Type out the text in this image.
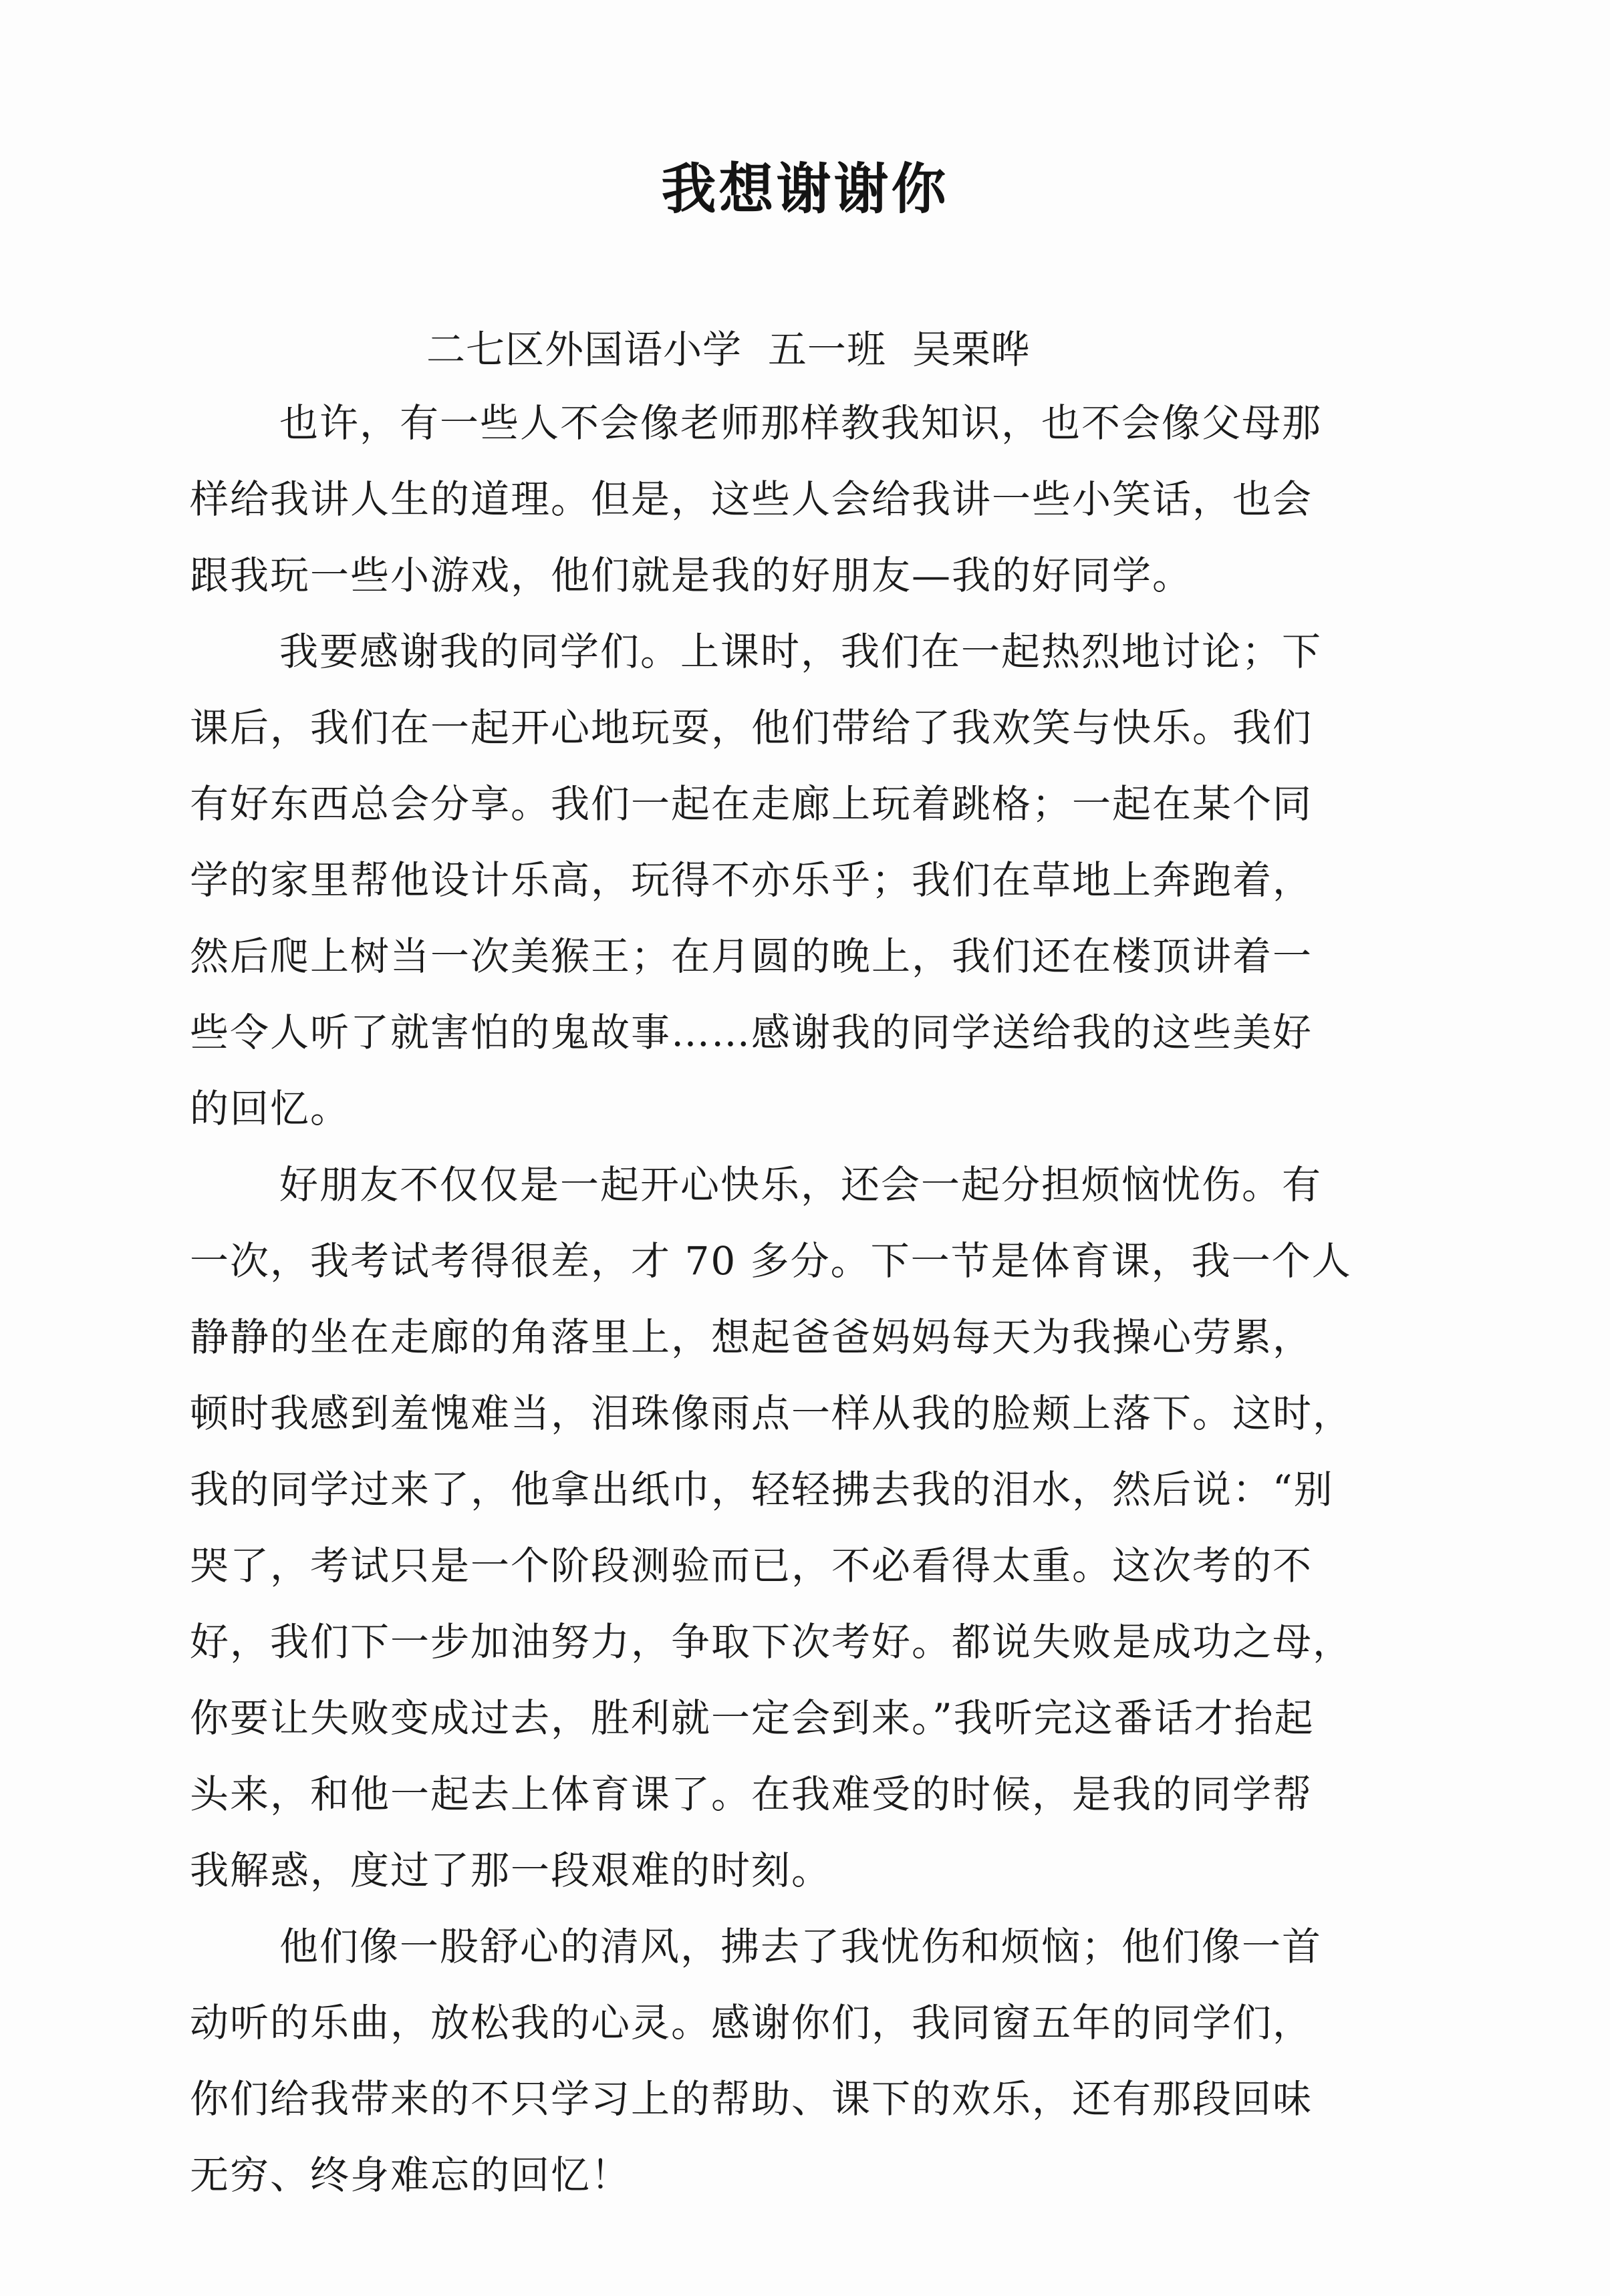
我想谢谢你
二七区外国语小学  五一班  吴栗晔
也许，有一些人不会像老师那样教我知识，也不会像父母那
样给我讲人生的道理。但是，这些人会给我讲一些小笑话，也会
跟我玩一些小游戏，他们就是我的好朋友—我的好同学。
我要感谢我的同学们。上课时，我们在一起热烈地讨论；下
课后，我们在一起开心地玩耍，他们带给了我欢笑与快乐。我们
有好东西总会分享。我们一起在走廊上玩着跳格；一起在某个同
学的家里帮他设计乐高，玩得不亦乐乎；我们在草地上奔跑着，
然后爬上树当一次美猴王；在月圆的晚上，我们还在楼顶讲着一
些令人听了就害怕的鬼故事……感谢我的同学送给我的这些美好
的回忆。
好朋友不仅仅是一起开心快乐，还会一起分担烦恼忧伤。有
一次，我考试考得很差，才 70 多分。下一节是体育课，我一个人
静静的坐在走廊的角落里上，想起爸爸妈妈每天为我操心劳累，
顿时我感到羞愧难当，泪珠像雨点一样从我的脸颊上落下。这时，
我的同学过来了，他拿出纸巾，轻轻拂去我的泪水，然后说：“别
哭了，考试只是一个阶段测验而已，不必看得太重。这次考的不
好，我们下一步加油努力，争取下次考好。都说失败是成功之母，
你要让失败变成过去，胜利就一定会到来。”我听完这番话才抬起
头来，和他一起去上体育课了。在我难受的时候，是我的同学帮
我解惑，度过了那一段艰难的时刻。
他们像一股舒心的清风，拂去了我忧伤和烦恼；他们像一首
动听的乐曲，放松我的心灵。感谢你们，我同窗五年的同学们，
你们给我带来的不只学习上的帮助、课下的欢乐，还有那段回味
无穷、终身难忘的回忆！
